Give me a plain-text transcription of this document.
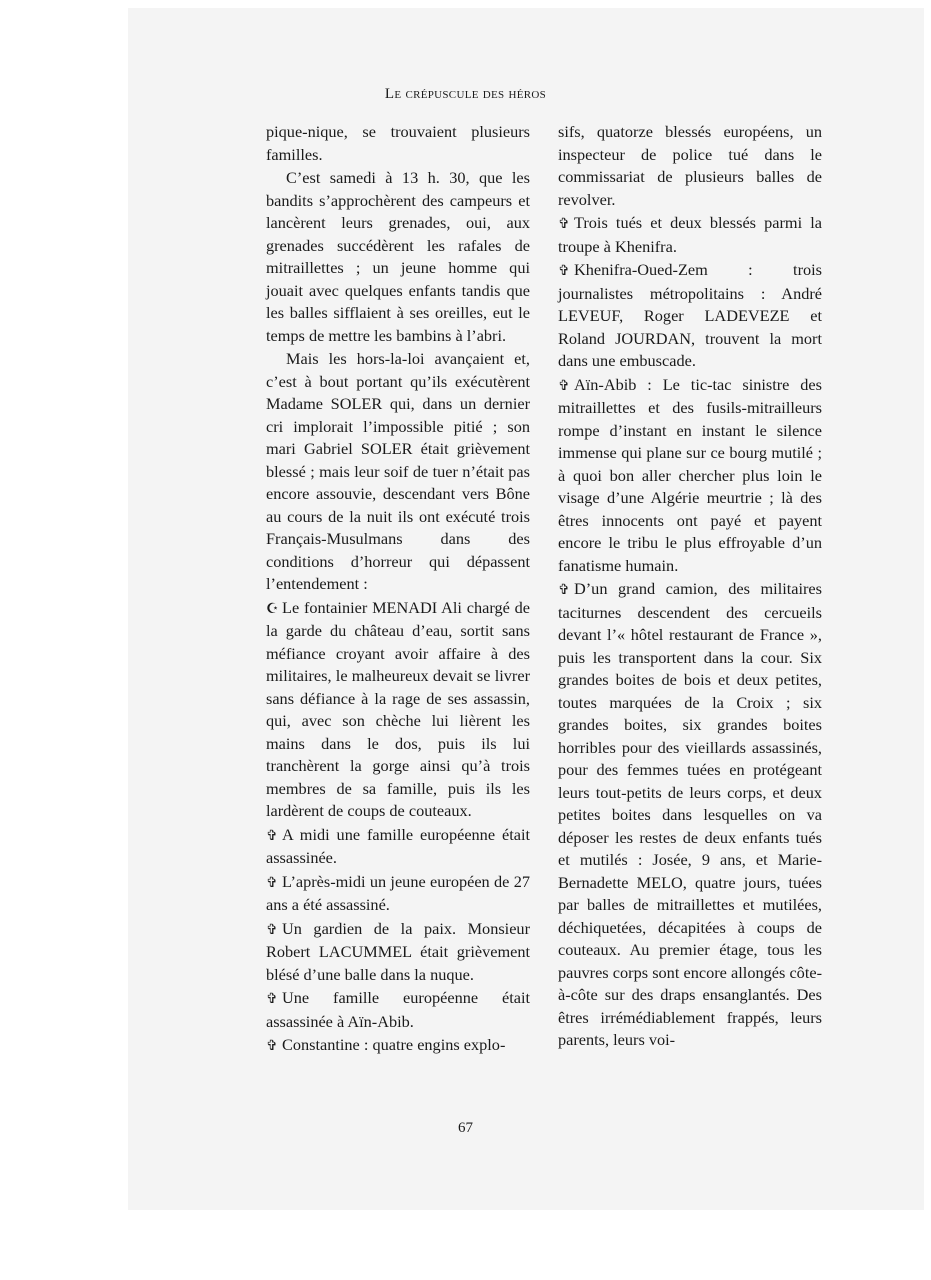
Le crépuscule des héros

pique-nique, se trouvaient plusieurs familles.

C’est samedi à 13 h. 30, que les bandits s’approchèrent des campeurs et lancèrent leurs grenades, oui, aux grenades succédèrent les rafales de mitraillettes ; un jeune homme qui jouait avec quelques enfants tandis que les balles sifflaient à ses oreilles, eut le temps de mettre les bambins à l’abri.

Mais les hors-la-loi avançaient et, c’est à bout portant qu’ils exécutèrent Madame SOLER qui, dans un dernier cri implorait l’impossible pitié ; son mari Gabriel SOLER était grièvement blessé ; mais leur soif de tuer n’était pas encore assouvie, descendant vers Bône au cours de la nuit ils ont exécuté trois Français-Musulmans dans des conditions d’horreur qui dépassent l’entendement :

☪ Le fontainier MENADI Ali chargé de la garde du château d’eau, sortit sans méfiance croyant avoir affaire à des militaires, le malheureux devait se livrer sans défiance à la rage de ses assassin, qui, avec son chèche lui lièrent les mains dans le dos, puis ils lui tranchèrent la gorge ainsi qu’à trois membres de sa famille, puis ils les lardèrent de coups de couteaux.

✞ A midi une famille européenne était assassinée.

✞ L’après-midi un jeune européen de 27 ans a été assassiné.

✞ Un gardien de la paix. Monsieur Robert LACUMMEL était grièvement blésé d’une balle dans la nuque.

✞ Une famille européenne était assassinée à Aïn-Abib.

✞ Constantine : quatre engins explo-

sifs, quatorze blessés européens, un inspecteur de police tué dans le commissariat de plusieurs balles de revolver.

✞ Trois tués et deux blessés parmi la troupe à Khenifra.

✞ Khenifra-Oued-Zem : trois journalistes métropolitains : André LEVEUF, Roger LADEVEZE et Roland JOURDAN, trouvent la mort dans une embuscade.

✞ Aïn-Abib : Le tic-tac sinistre des mitraillettes et des fusils-mitrailleurs rompe d’instant en instant le silence immense qui plane sur ce bourg mutilé ; à quoi bon aller chercher plus loin le visage d’une Algérie meurtrie ; là des êtres innocents ont payé et payent encore le tribu le plus effroyable d’un fanatisme humain.

✞ D’un grand camion, des militaires taciturnes descendent des cercueils devant l’« hôtel restaurant de France », puis les transportent dans la cour. Six grandes boites de bois et deux petites, toutes marquées de la Croix ; six grandes boites, six grandes boites horribles pour des vieillards assassinés, pour des femmes tuées en protégeant leurs tout-petits de leurs corps, et deux petites boites dans lesquelles on va déposer les restes de deux enfants tués et mutilés : Josée, 9 ans, et Marie-Bernadette MELO, quatre jours, tuées par balles de mitraillettes et mutilées, déchiquetées, décapitées à coups de couteaux. Au premier étage, tous les pauvres corps sont encore allongés côte-à-côte sur des draps ensanglantés. Des êtres irrémédiablement frappés, leurs parents, leurs voi-

67
